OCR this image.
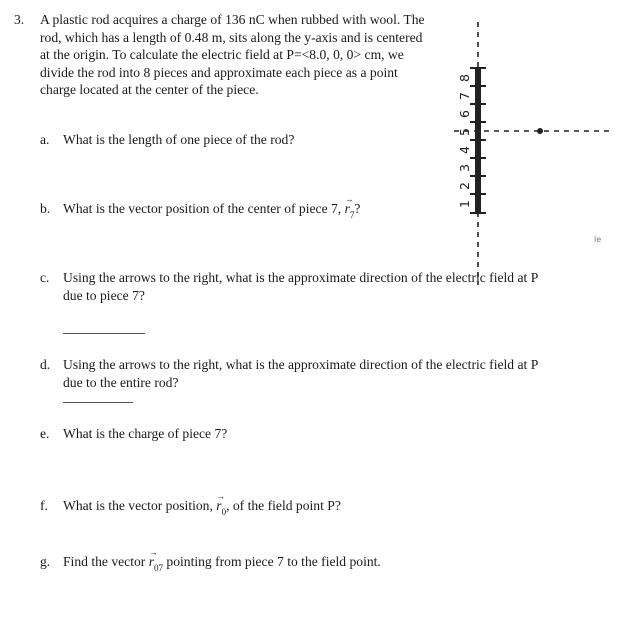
3. A plastic rod acquires a charge of 136 nC when rubbed with wool. The rod, which has a length of 0.48 m, sits along the y-axis and is centered at the origin. To calculate the electric field at P=<8.0, 0, 0> cm, we divide the rod into 8 pieces and approximate each piece as a point charge located at the center of the piece.
a. What is the length of one piece of the rod?
b. What is the vector position of the center of piece 7, → $r_7$?
c. Using the arrows to the right, what is the approximate direction of the electric field at P due to piece 7?
d. Using the arrows to the right, what is the approximate direction of the electric field at P due to the entire rod?
e. What is the charge of piece 7?
f. What is the vector position, → $r_0$, of the field point P?
g. Find the vector → $r_{07}$ pointing from piece 7 to the field point.
1
2
3
4
5
6
7
8
le
